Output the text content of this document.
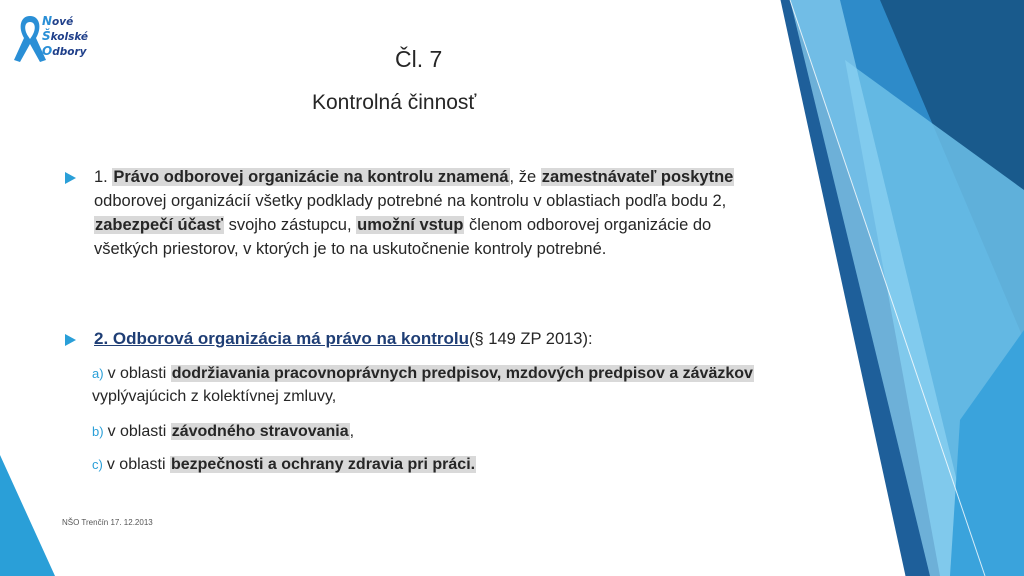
Nové
Školské
Odbory	Čl. 7
Kontrolná činnosť
1. Právo odborovej organizácie na kontrolu znamená, že zamestnávateľ poskytne odborovej organizácií všetky podklady potrebné na kontrolu v oblastiach podľa bodu 2, zabezpečí účasť svojho zástupcu, umožní vstup členom odborovej organizácie do všetkých priestorov, v ktorých je to na uskutočnenie kontroly potrebné.
2. Odborová organizácia má právo na kontrolu(§ 149 ZP 2013):
a) v oblasti dodržiavania pracovnoprávnych predpisov, mzdových predpisov a záväzkov vyplývajúcich z kolektívnej zmluvy,
b) v oblasti závodného stravovania,
c) v oblasti bezpečnosti a ochrany zdravia pri práci.
NŠO Trenčín 17. 12.2013
